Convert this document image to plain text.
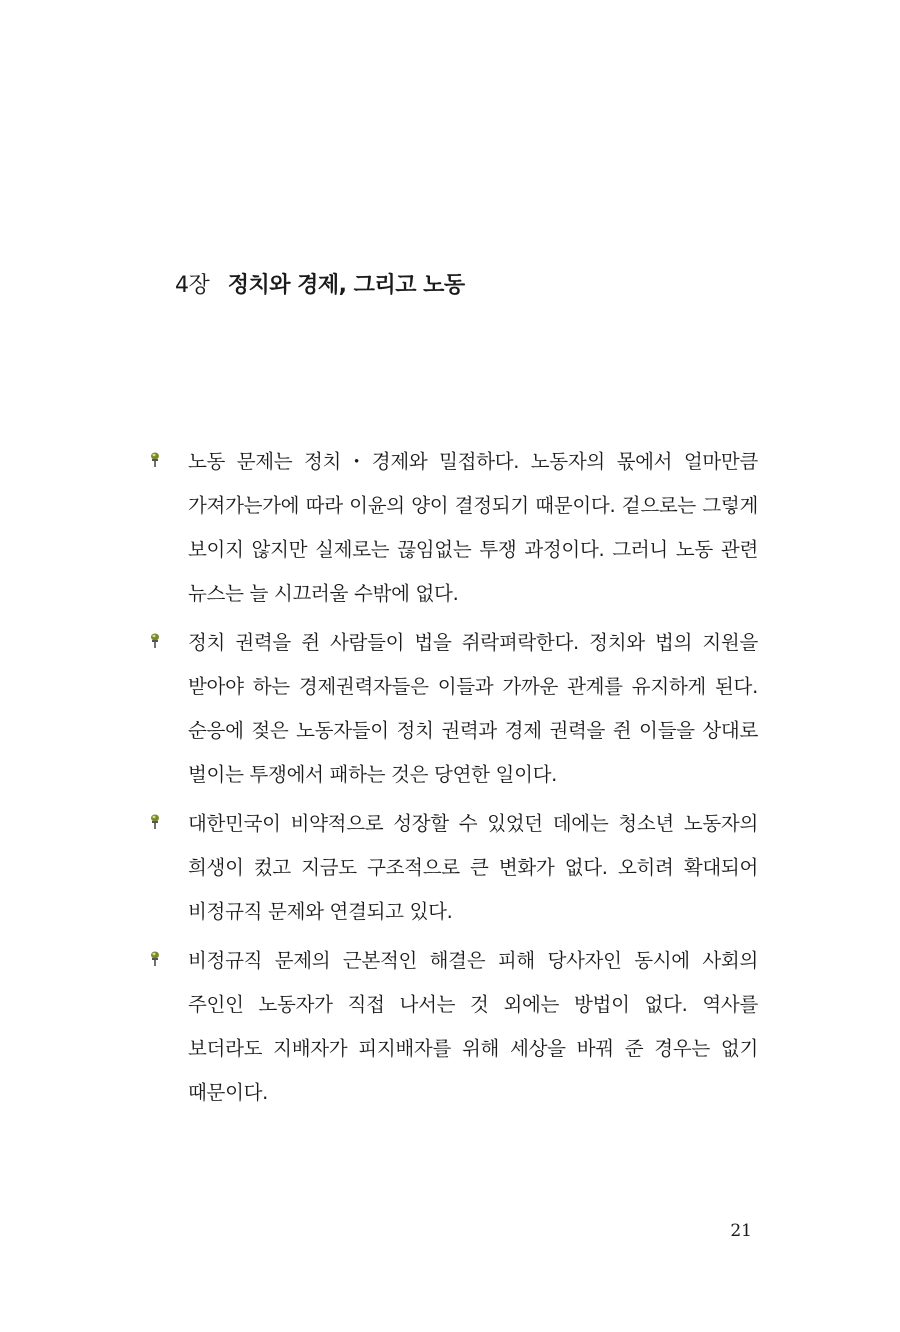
4장 정치와 경제, 그리고 노동
노동 문제는 정치・경제와 밀접하다. 노동자의 몫에서 얼마만큼 가져가는가에 따라 이윤의 양이 결정되기 때문이다. 겉으로는 그렇게 보이지 않지만 실제로는 끊임없는 투쟁 과정이다. 그러니 노동 관련 뉴스는 늘 시끄러울 수밖에 없다.
정치 권력을 쥔 사람들이 법을 쥐락펴락한다. 정치와 법의 지원을 받아야 하는 경제권력자들은 이들과 가까운 관계를 유지하게 된다. 순응에 젖은 노동자들이 정치 권력과 경제 권력을 쥔 이들을 상대로 벌이는 투쟁에서 패하는 것은 당연한 일이다.
대한민국이 비약적으로 성장할 수 있었던 데에는 청소년 노동자의 희생이 컸고 지금도 구조적으로 큰 변화가 없다. 오히려 확대되어 비정규직 문제와 연결되고 있다.
비정규직 문제의 근본적인 해결은 피해 당사자인 동시에 사회의 주인인 노동자가 직접 나서는 것 외에는 방법이 없다. 역사를 보더라도 지배자가 피지배자를 위해 세상을 바꿔 준 경우는 없기 때문이다.
21
